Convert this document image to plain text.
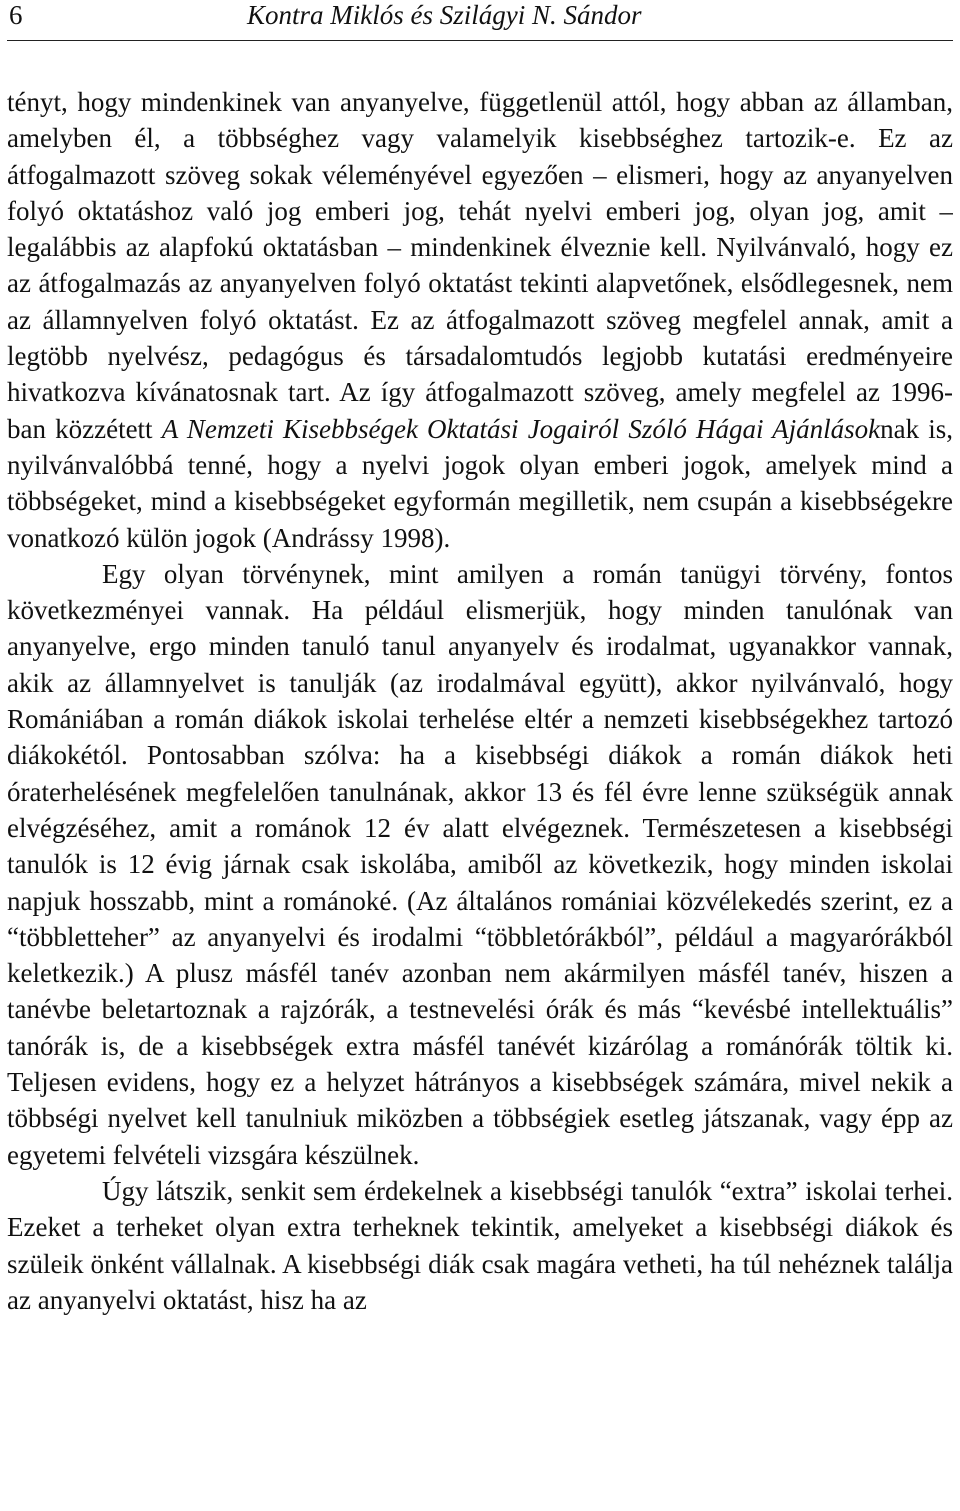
6	Kontra Miklós és Szilágyi N. Sándor

tényt, hogy mindenkinek van anyanyelve, függetlenül attól, hogy abban az államban, amelyben él, a többséghez vagy valamelyik kisebbséghez tartozik-e. Ez az átfogalmazott szöveg sokak véleményével egyezően – elismeri, hogy az anyanyelven folyó oktatáshoz való jog emberi jog, tehát nyelvi emberi jog, olyan jog, amit – legalábbis az alapfokú oktatásban – mindenkinek élveznie kell. Nyilvánvaló, hogy ez az átfogalmazás az anyanyelven folyó oktatást tekinti alapvetőnek, elsődlegesnek, nem az államnyelven folyó oktatást. Ez az átfogalmazott szöveg megfelel annak, amit a legtöbb nyelvész, pedagógus és társadalomtudós legjobb kutatási eredményeire hivatkozva kívánatosnak tart. Az így átfogalmazott szöveg, amely megfelel az 1996-ban közzétett A Nemzeti Kisebbségek Oktatási Jogairól Szóló Hágai Ajánlásoknak is, nyilvánvalóbbá tenné, hogy a nyelvi jogok olyan emberi jogok, amelyek mind a többségeket, mind a kisebbségeket egyformán megilletik, nem csupán a kisebbségekre vonatkozó külön jogok (Andrássy 1998).

Egy olyan törvénynek, mint amilyen a román tanügyi törvény, fontos következményei vannak. Ha például elismerjük, hogy minden tanulónak van anyanyelve, ergo minden tanuló tanul anyanyelv és irodalmat, ugyanakkor vannak, akik az államnyelvet is tanulják (az irodalmával együtt), akkor nyilvánvaló, hogy Romániában a román diákok iskolai terhelése eltér a nemzeti kisebbségekhez tartozó diákokétól. Pontosabban szólva: ha a kisebbségi diákok a román diákok heti óraterhelésének megfelelően tanulnának, akkor 13 és fél évre lenne szükségük annak elvégzéséhez, amit a románok 12 év alatt elvégeznek. Természetesen a kisebbségi tanulók is 12 évig járnak csak iskolába, amiből az következik, hogy minden iskolai napjuk hosszabb, mint a románoké. (Az általános romániai közvélekedés szerint, ez a “többletteher” az anyanyelvi és irodalmi “többletórákból”, például a magyarórákból keletkezik.) A plusz másfél tanév azonban nem akármilyen másfél tanév, hiszen a tanévbe beletartoznak a rajzórák, a testnevelési órák és más “kevésbé intellektuális” tanórák is, de a kisebbségek extra másfél tanévét kizárólag a románórák töltik ki. Teljesen evidens, hogy ez a helyzet hátrányos a kisebbségek számára, mivel nekik a többségi nyelvet kell tanulniuk miközben a többségiek esetleg játszanak, vagy épp az egyetemi felvételi vizsgára készülnek.

Úgy látszik, senkit sem érdekelnek a kisebbségi tanulók “extra” iskolai terhei. Ezeket a terheket olyan extra terheknek tekintik, amelyeket a kisebbségi diákok és szüleik önként vállalnak. A kisebbségi diák csak magára vetheti, ha túl nehéznek találja az anyanyelvi oktatást, hisz ha az
